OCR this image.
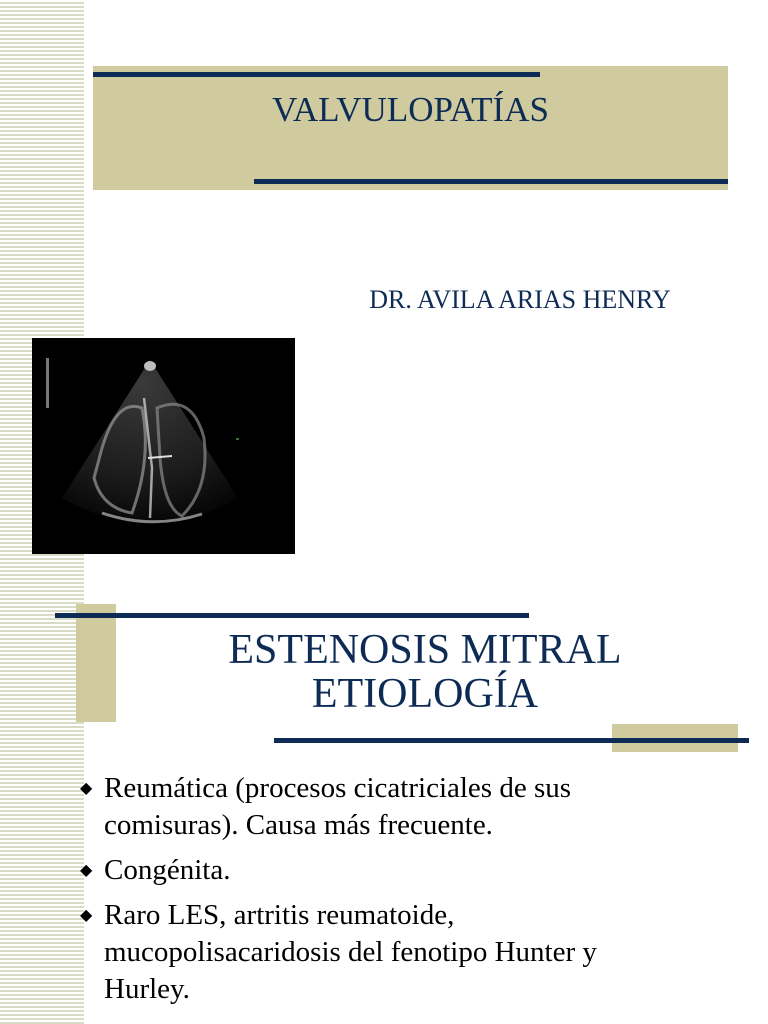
VALVULOPATÍAS
DR. AVILA ARIAS HENRY
ESTENOSIS MITRAL
ETIOLOGÍA
◆ Reumática (procesos cicatriciales de sus
comisuras). Causa más frecuente.
◆ Congénita.
◆ Raro LES, artritis reumatoide,
mucopolisacaridosis del fenotipo Hunter y
Hurley.
